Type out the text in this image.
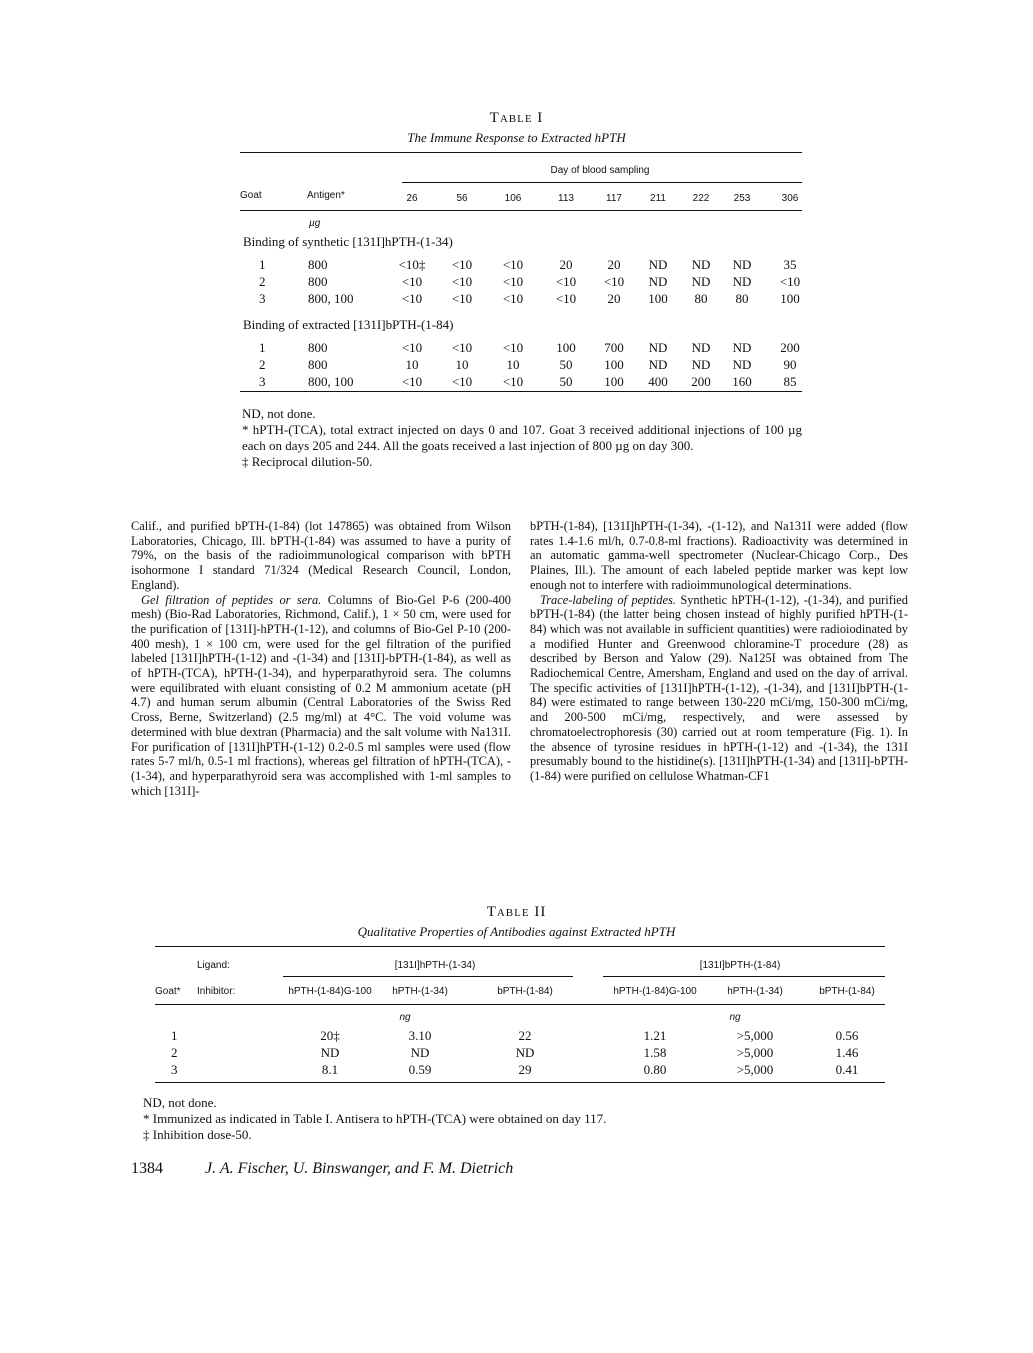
Table I
The Immune Response to Extracted hPTH
Day of blood sampling
Goat	Antigen*	26	56	106	113	117	211	222	253	306
µg
Binding of synthetic [131I]hPTH-(1-34)
1	800	<10‡	<10	<10	20	20	ND	ND	ND	35
2	800	<10	<10	<10	<10	<10	ND	ND	ND	<10
3	800, 100	<10	<10	<10	<10	20	100	80	80	100
Binding of extracted [131I]bPTH-(1-84)
1	800	<10	<10	<10	100	700	ND	ND	ND	200
2	800	10	10	10	50	100	ND	ND	ND	90
3	800, 100	<10	<10	<10	50	100	400	200	160	85
ND, not done.
* hPTH-(TCA), total extract injected on days 0 and 107. Goat 3 received additional injections of 100 µg each on days 205 and 244. All the goats received a last injection of 800 µg on day 300.
‡ Reciprocal dilution-50.

Calif., and purified bPTH-(1-84) (lot 147865) was obtained from Wilson Laboratories, Chicago, Ill. bPTH-(1-84) was assumed to have a purity of 79%, on the basis of the radioimmunological comparison with bPTH isohormone I standard 71/324 (Medical Research Council, London, England).

Gel filtration of peptides or sera. Columns of Bio-Gel P-6 (200-400 mesh) (Bio-Rad Laboratories, Richmond, Calif.), 1 × 50 cm, were used for the purification of [131I]-hPTH-(1-12), and columns of Bio-Gel P-10 (200-400 mesh), 1 × 100 cm, were used for the gel filtration of the purified labeled [131I]hPTH-(1-12) and -(1-34) and [131I]-bPTH-(1-84), as well as of hPTH-(TCA), hPTH-(1-34), and hyperparathyroid sera. The columns were equilibrated with eluant consisting of 0.2 M ammonium acetate (pH 4.7) and human serum albumin (Central Laboratories of the Swiss Red Cross, Berne, Switzerland) (2.5 mg/ml) at 4°C. The void volume was determined with blue dextran (Pharmacia) and the salt volume with Na131I. For purification of [131I]hPTH-(1-12) 0.2-0.5 ml samples were used (flow rates 5-7 ml/h, 0.5-1 ml fractions), whereas gel filtration of hPTH-(TCA), -(1-34), and hyperparathyroid sera was accomplished with 1-ml samples to which [131I]-

bPTH-(1-84), [131I]hPTH-(1-34), -(1-12), and Na131I were added (flow rates 1.4-1.6 ml/h, 0.7-0.8-ml fractions). Radioactivity was determined in an automatic gamma-well spectrometer (Nuclear-Chicago Corp., Des Plaines, Ill.). The amount of each labeled peptide marker was kept low enough not to interfere with radioimmunological determinations.

Trace-labeling of peptides. Synthetic hPTH-(1-12), -(1-34), and purified bPTH-(1-84) (the latter being chosen instead of highly purified hPTH-(1-84) which was not available in sufficient quantities) were radioiodinated by a modified Hunter and Greenwood chloramine-T procedure (28) as described by Berson and Yalow (29). Na125I was obtained from The Radiochemical Centre, Amersham, England and used on the day of arrival. The specific activities of [131I]hPTH-(1-12), -(1-34), and [131I]bPTH-(1-84) were estimated to range between 130-220 mCi/mg, 150-300 mCi/mg, and 200-500 mCi/mg, respectively, and were assessed by chromatoelectrophoresis (30) carried out at room temperature (Fig. 1). In the absence of tyrosine residues in hPTH-(1-12) and -(1-34), the 131I presumably bound to the histidine(s). [131I]hPTH-(1-34) and [131I]-bPTH-(1-84) were purified on cellulose Whatman-CF1

Table II
Qualitative Properties of Antibodies against Extracted hPTH
Ligand:	[131I]hPTH-(1-34)	[131I]bPTH-(1-84)
Goat* Inhibitor:	hPTH-(1-84)G-100	hPTH-(1-34)	bPTH-(1-84)	hPTH-(1-84)G-100	hPTH-(1-34)	bPTH-(1-84)
ng	ng
1	20‡	3.10	22	1.21	>5,000	0.56
2	ND	ND	ND	1.58	>5,000	1.46
3	8.1	0.59	29	0.80	>5,000	0.41
ND, not done.
* Immunized as indicated in Table I. Antisera to hPTH-(TCA) were obtained on day 117.
‡ Inhibition dose-50.
1384	J. A. Fischer, U. Binswanger, and F. M. Dietrich
